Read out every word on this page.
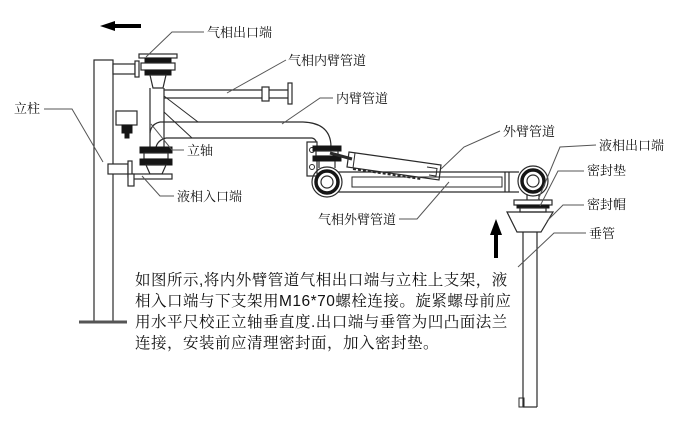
气相出口端
气相内臂管道
内臂管道
立柱
立轴
液相入口端
外臂管道
液相出口端
密封垫
密封帽
垂管
气相外臂管道
如图所示,将内外臂管道气相出口端与立柱上支架，液
相入口端与下支架用M16*70螺栓连接。旋紧螺母前应
用水平尺校正立轴垂直度.出口端与垂管为凹凸面法兰
连接，安装前应清理密封面，加入密封垫。
